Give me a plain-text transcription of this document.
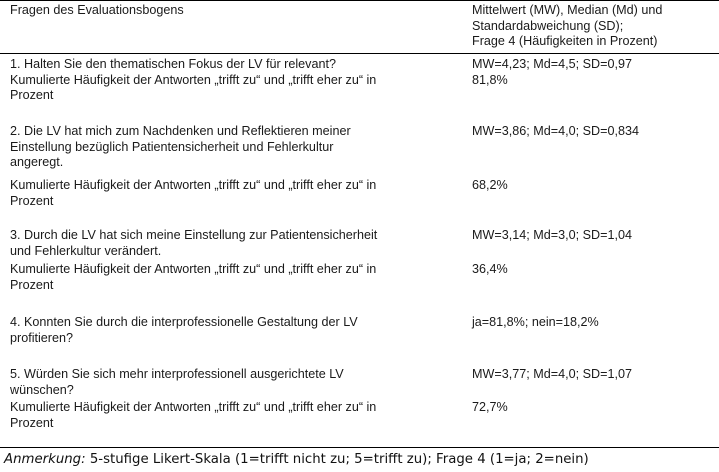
Fragen des Evaluationsbogens	Mittelwert (MW), Median (Md) und
Standardabweichung (SD);
Frage 4 (Häufigkeiten in Prozent)
1. Halten Sie den thematischen Fokus der LV für relevant?	MW=4,23; Md=4,5; SD=0,97
Kumulierte Häufigkeit der Antworten „trifft zu“ und „trifft eher zu“ in	81,8%
Prozent
2. Die LV hat mich zum Nachdenken und Reflektieren meiner	MW=3,86; Md=4,0; SD=0,834
Einstellung bezüglich Patientensicherheit und Fehlerkultur
angeregt.
Kumulierte Häufigkeit der Antworten „trifft zu“ und „trifft eher zu“ in	68,2%
Prozent
3. Durch die LV hat sich meine Einstellung zur Patientensicherheit	MW=3,14; Md=3,0; SD=1,04
und Fehlerkultur verändert.
Kumulierte Häufigkeit der Antworten „trifft zu“ und „trifft eher zu“ in	36,4%
Prozent
4. Konnten Sie durch die interprofessionelle Gestaltung der LV	ja=81,8%; nein=18,2%
profitieren?
5. Würden Sie sich mehr interprofessionell ausgerichtete LV	MW=3,77; Md=4,0; SD=1,07
wünschen?
Kumulierte Häufigkeit der Antworten „trifft zu“ und „trifft eher zu“ in	72,7%
Prozent
Anmerkung: 5-stufige Likert-Skala (1=trifft nicht zu; 5=trifft zu); Frage 4 (1=ja; 2=nein)
